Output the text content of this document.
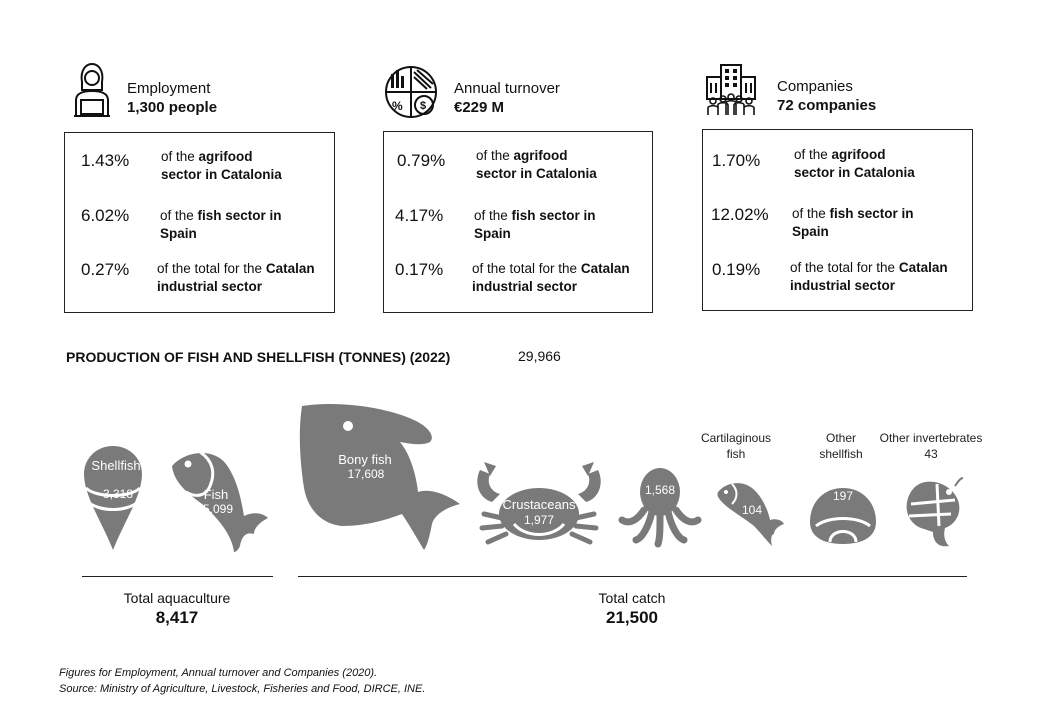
Employment
1,300 people
1.43% of the agrifood
sector in Catalonia
6.02% of the fish sector in
Spain
0.27% of the total for the Catalan
industrial sector
% $
Annual turnover
€229 M
0.79% of the agrifood
sector in Catalonia
4.17% of the fish sector in
Spain
0.17% of the total for the Catalan
industrial sector
Companies
72 companies
1.70%	of the agrifood
sector in Catalonia
12.02% of the fish sector in
Spain
0.19% of the total for the Catalan
industrial sector
PRODUCTION OF FISH AND SHELLFISH (TONNES) (2022)	29,966
Shellfish
3,318	Fish
5,099
Bony fish
17,608
Crustaceans
1,977
1,568
Cartilaginous
fish
104
Other
shellfish
197
Other invertebrates
43
Total aquaculture
8,417
Total catch
21,500
Figures for Employment, Annual turnover and Companies (2020).
Source: Ministry of Agriculture, Livestock, Fisheries and Food, DIRCE, INE.
